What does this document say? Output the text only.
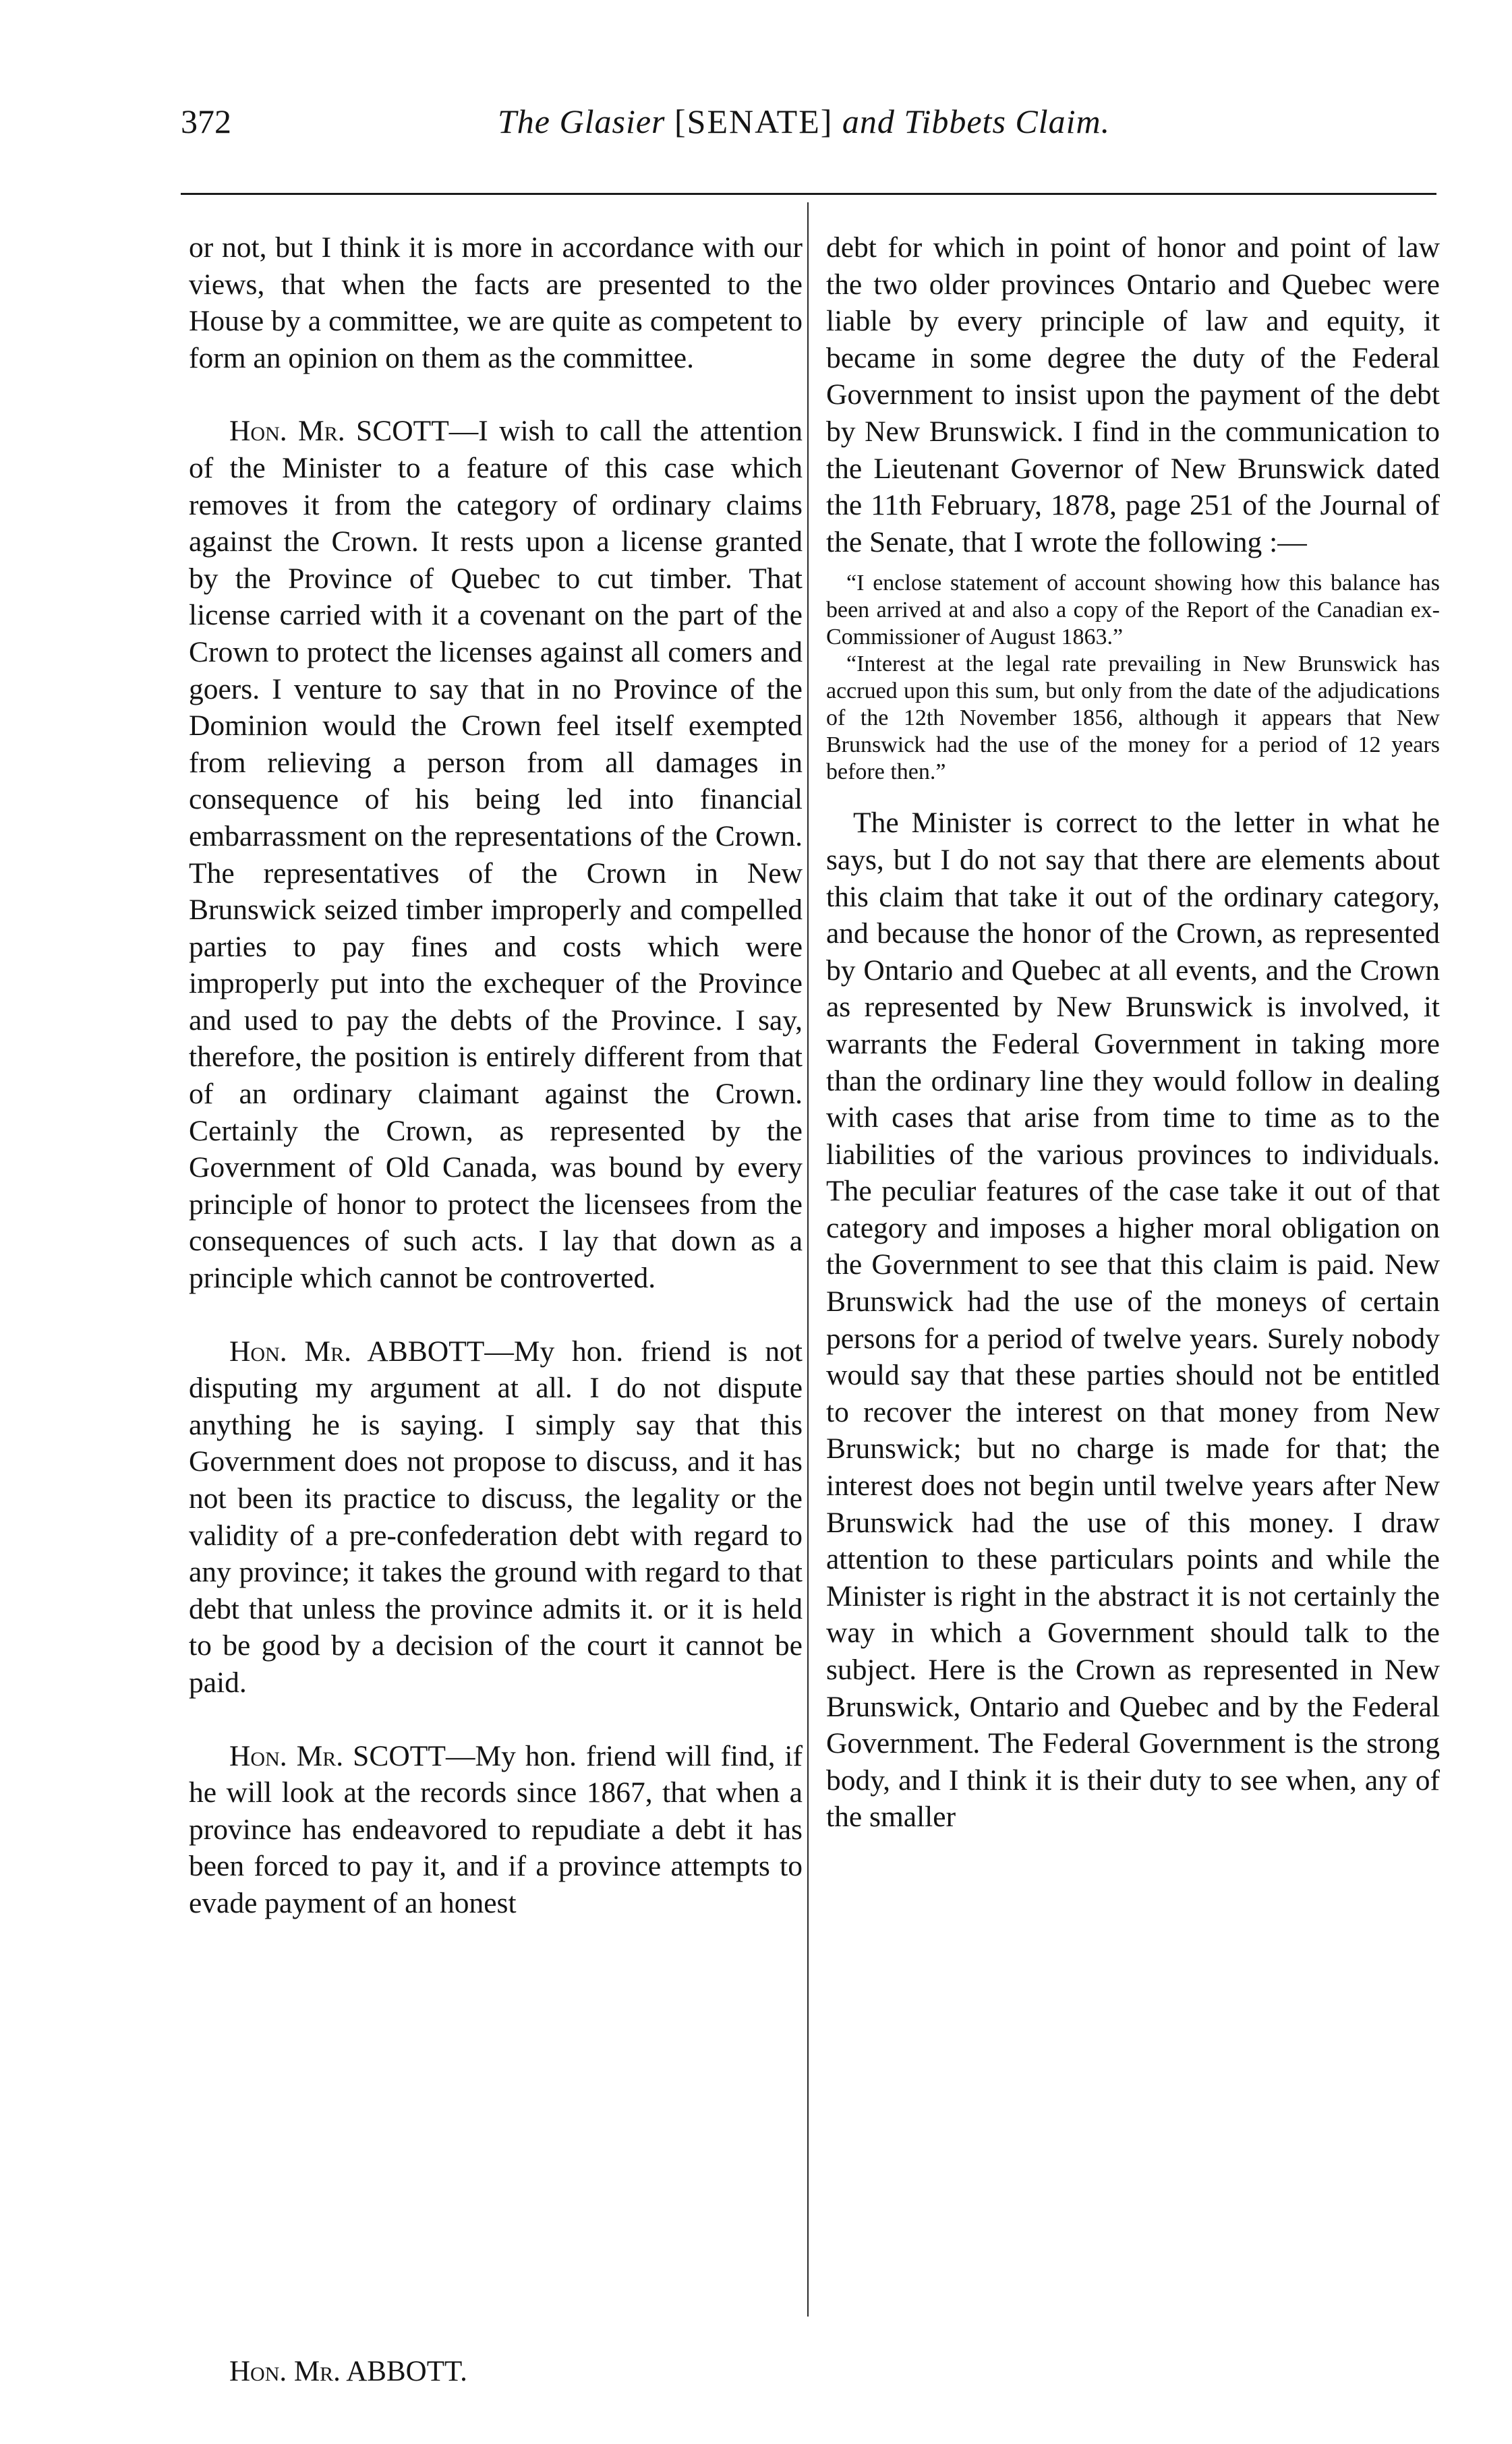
372	The Glasier [SENATE] and Tibbets Claim.

or not, but I think it is more in accordance with our views, that when the facts are presented to the House by a committee, we are quite as competent to form an opinion on them as the committee.

Hon. Mr. SCOTT—I wish to call the attention of the Minister to a feature of this case which removes it from the category of ordinary claims against the Crown. It rests upon a license granted by the Province of Quebec to cut timber. That license carried with it a covenant on the part of the Crown to protect the licenses against all comers and goers. I venture to say that in no Province of the Dominion would the Crown feel itself exempted from relieving a person from all damages in consequence of his being led into financial embarrassment on the representations of the Crown. The representatives of the Crown in New Brunswick seized timber improperly and compelled parties to pay fines and costs which were improperly put into the exchequer of the Province and used to pay the debts of the Province. I say, therefore, the position is entirely different from that of an ordinary claimant against the Crown. Certainly the Crown, as represented by the Government of Old Canada, was bound by every principle of honor to protect the licensees from the consequences of such acts. I lay that down as a principle which cannot be controverted.

Hon. Mr. ABBOTT—My hon. friend is not disputing my argument at all. I do not dispute anything he is saying. I simply say that this Government does not propose to discuss, and it has not been its practice to discuss, the legality or the validity of a pre-confederation debt with regard to any province; it takes the ground with regard to that debt that unless the province admits it. or it is held to be good by a decision of the court it cannot be paid.

Hon. Mr. SCOTT—My hon. friend will find, if he will look at the records since 1867, that when a province has endeavored to repudiate a debt it has been forced to pay it, and if a province attempts to evade payment of an honest

debt for which in point of honor and point of law the two older provinces Ontario and Quebec were liable by every principle of law and equity, it became in some degree the duty of the Federal Government to insist upon the payment of the debt by New Brunswick. I find in the communication to the Lieutenant Governor of New Brunswick dated the 11th February, 1878, page 251 of the Journal of the Senate, that I wrote the following :—

“I enclose statement of account showing how this balance has been arrived at and also a copy of the Report of the Canadian ex-Commissioner of August 1863.”

“Interest at the legal rate prevailing in New Brunswick has accrued upon this sum, but only from the date of the adjudications of the 12th November 1856, although it appears that New Brunswick had the use of the money for a period of 12 years before then.”

The Minister is correct to the letter in what he says, but I do not say that there are elements about this claim that take it out of the ordinary category, and because the honor of the Crown, as represented by Ontario and Quebec at all events, and the Crown as represented by New Brunswick is involved, it warrants the Federal Government in taking more than the ordinary line they would follow in dealing with cases that arise from time to time as to the liabilities of the various provinces to individuals. The peculiar features of the case take it out of that category and imposes a higher moral obligation on the Government to see that this claim is paid. New Brunswick had the use of the moneys of certain persons for a period of twelve years. Surely nobody would say that these parties should not be entitled to recover the interest on that money from New Brunswick; but no charge is made for that; the interest does not begin until twelve years after New Brunswick had the use of this money. I draw attention to these particulars points and while the Minister is right in the abstract it is not certainly the way in which a Government should talk to the subject. Here is the Crown as represented in New Brunswick, Ontario and Quebec and by the Federal Government. The Federal Government is the strong body, and I think it is their duty to see when, any of the smaller

Hon. Mr. ABBOTT.
